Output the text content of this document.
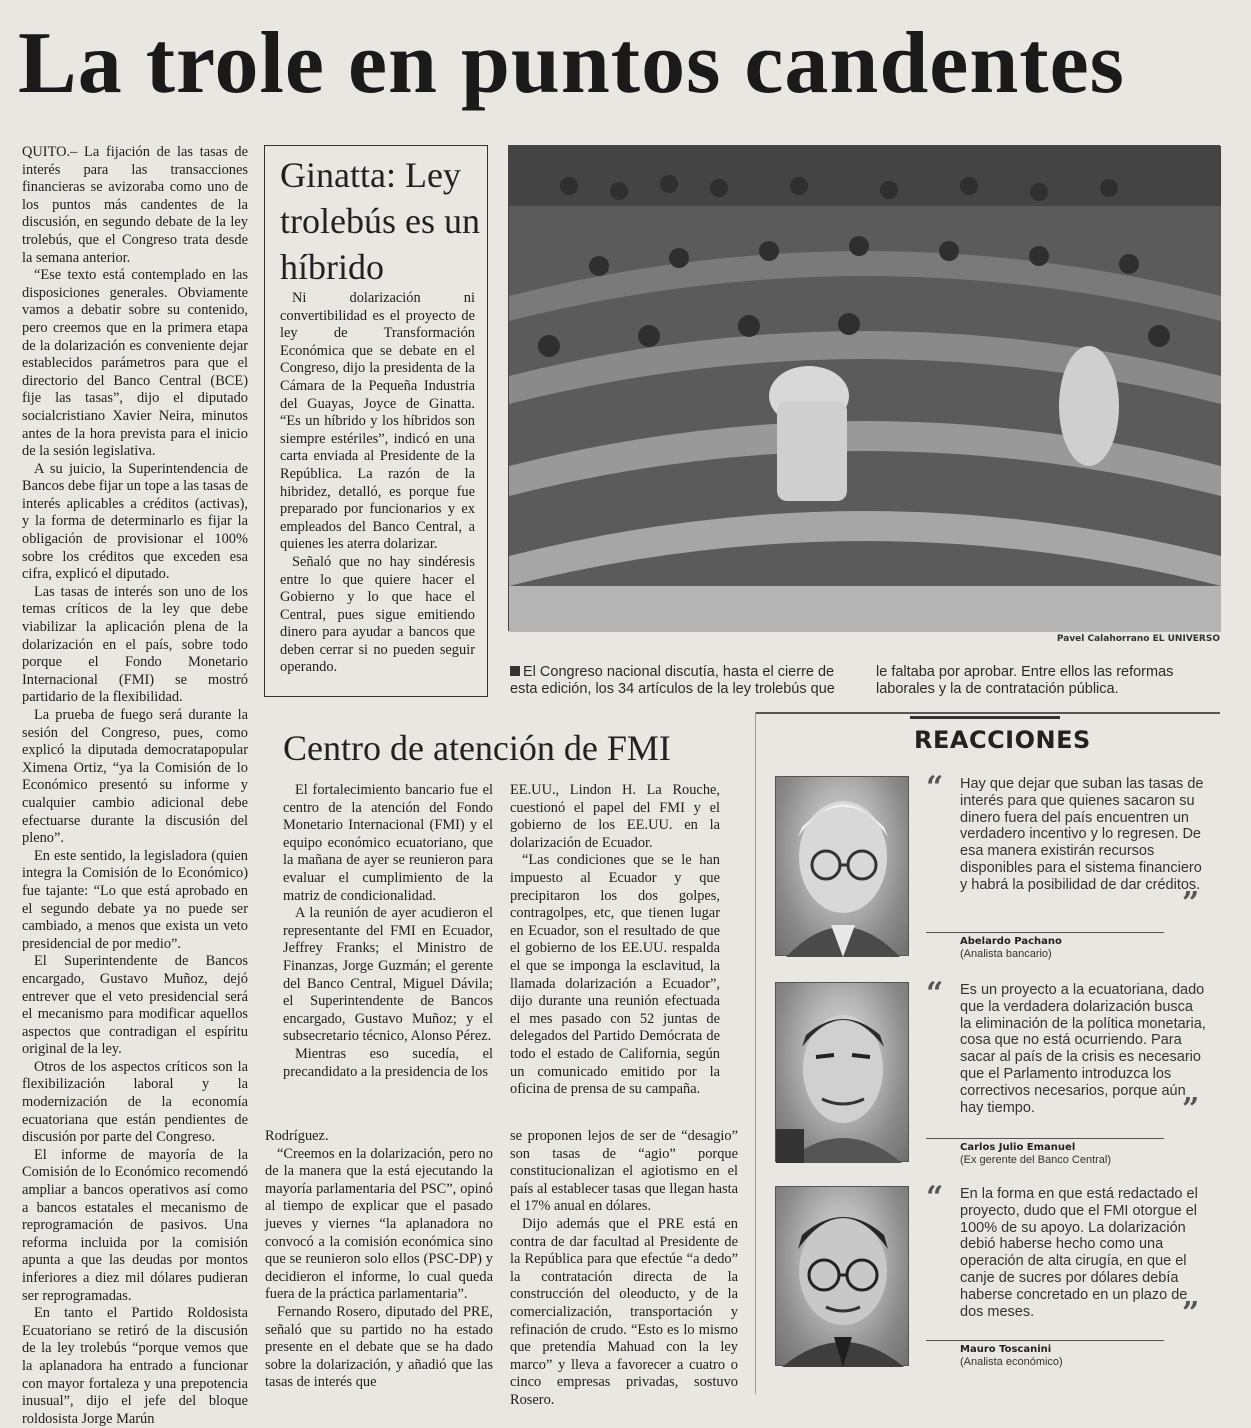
La trole en puntos candentes

QUITO.– La fijación de las tasas de interés para las transacciones financieras se avizoraba como uno de los puntos más candentes de la discusión, en segundo debate de la ley trolebús, que el Congreso trata desde la semana anterior.

“Ese texto está contemplado en las disposiciones generales. Obviamente vamos a debatir sobre su contenido, pero creemos que en la primera etapa de la dolarización es conveniente dejar establecidos parámetros para que el directorio del Banco Central (BCE) fije las tasas”, dijo el diputado socialcristiano Xavier Neira, minutos antes de la hora prevista para el inicio de la sesión legislativa.

A su juicio, la Superintendencia de Bancos debe fijar un tope a las tasas de interés aplicables a créditos (activas), y la forma de determinarlo es fijar la obligación de provisionar el 100% sobre los créditos que exceden esa cifra, explicó el diputado.

Las tasas de interés son uno de los temas críticos de la ley que debe viabilizar la aplicación plena de la dolarización en el país, sobre todo porque el Fondo Monetario Internacional (FMI) se mostró partidario de la flexibilidad.

La prueba de fuego será durante la sesión del Congreso, pues, como explicó la diputada democratapopular Ximena Ortiz, “ya la Comisión de lo Económico presentó su informe y cualquier cambio adicional debe efectuarse durante la discusión del pleno”.

En este sentido, la legisladora (quien integra la Comisión de lo Económico) fue tajante: “Lo que está aprobado en el segundo debate ya no puede ser cambiado, a menos que exista un veto presidencial de por medio”.

El Superintendente de Bancos encargado, Gustavo Muñoz, dejó entrever que el veto presidencial será el mecanismo para modificar aquellos aspectos que contradigan el espíritu original de la ley.

Otros de los aspectos críticos son la flexibilización laboral y la modernización de la economía ecuatoriana que están pendientes de discusión por parte del Congreso.

El informe de mayoría de la Comisión de lo Económico recomendó ampliar a bancos operativos así como a bancos estatales el mecanismo de reprogramación de pasivos. Una reforma incluida por la comisión apunta a que las deudas por montos inferiores a diez mil dólares pudieran ser reprogramadas.

En tanto el Partido Roldosista Ecuatoriano se retiró de la discusión de la ley trolebús “porque vemos que la aplanadora ha entrado a funcionar con mayor fortaleza y una prepotencia inusual”, dijo el jefe del bloque roldosista Jorge Marún

Ginatta: Ley trolebús es un híbrido

Ni dolarización ni convertibilidad es el proyecto de ley de Transformación Económica que se debate en el Congreso, dijo la presidenta de la Cámara de la Pequeña Industria del Guayas, Joyce de Ginatta. “Es un híbrido y los híbridos son siempre estériles”, indicó en una carta enviada al Presidente de la República. La razón de la hibridez, detalló, es porque fue preparado por funcionarios y ex empleados del Banco Central, a quienes les aterra dolarizar.

Señaló que no hay sindéresis entre lo que quiere hacer el Gobierno y lo que hace el Central, pues sigue emitiendo dinero para ayudar a bancos que deben cerrar si no pueden seguir operando.

Pavel Calahorrano EL UNIVERSO
El Congreso nacional discutía, hasta el cierre de esta edición, los 34 artículos de la ley trolebús que
le faltaba por aprobar. Entre ellos las reformas laborales y la de contratación pública.
Centro de atención de FMI

El fortalecimiento bancario fue el centro de la atención del Fondo Monetario Internacional (FMI) y el equipo económico ecuatoriano, que la mañana de ayer se reunieron para evaluar el cumplimiento de la matriz de condicionalidad.

A la reunión de ayer acudieron el representante del FMI en Ecuador, Jeffrey Franks; el Ministro de Finanzas, Jorge Guzmán; el gerente del Banco Central, Miguel Dávila; el Superintendente de Bancos encargado, Gustavo Muñoz; y el subsecretario técnico, Alonso Pérez.

Mientras eso sucedía, el precandidato a la presidencia de los

EE.UU., Lindon H. La Rouche, cuestionó el papel del FMI y el gobierno de los EE.UU. en la dolarización de Ecuador.

“Las condiciones que se le han impuesto al Ecuador y que precipitaron los dos golpes, contragolpes, etc, que tienen lugar en Ecuador, son el resultado de que el gobierno de los EE.UU. respalda el que se imponga la esclavitud, la llamada dolarización a Ecuador”, dijo durante una reunión efectuada el mes pasado con 52 juntas de delegados del Partido Demócrata de todo el estado de California, según un comunicado emitido por la oficina de prensa de su campaña.

Rodríguez.

“Creemos en la dolarización, pero no de la manera que la está ejecutando la mayoría parlamentaria del PSC”, opinó al tiempo de explicar que el pasado jueves y viernes “la aplanadora no convocó a la comisión económica sino que se reunieron solo ellos (PSC-DP) y decidieron el informe, lo cual queda fuera de la práctica parlamentaria”.

Fernando Rosero, diputado del PRE, señaló que su partido no ha estado presente en el debate que se ha dado sobre la dolarización, y añadió que las tasas de interés que

se proponen lejos de ser de “desagio” son tasas de “agio” porque constitucionalizan el agiotismo en el país al establecer tasas que llegan hasta el 17% anual en dólares.

Dijo además que el PRE está en contra de dar facultad al Presidente de la República para que efectúe “a dedo” la contratación directa de la construcción del oleoducto, y de la comercialización, transportación y refinación de crudo. “Esto es lo mismo que pretendía Mahuad con la ley marco” y lleva a favorecer a cuatro o cinco empresas privadas, sostuvo Rosero.

REACCIONES
“ Hay que dejar que suban las tasas de interés para que quienes sacaron su dinero fuera del país encuentren un verdadero incentivo y lo regresen. De esa manera existirán recursos disponibles para el sistema financiero y habrá la posibilidad de dar créditos.
”
Abelardo Pachano
(Analista bancario)
“ Es un proyecto a la ecuatoriana, dado que la verdadera dolarización busca la eliminación de la política monetaria, cosa que no está ocurriendo. Para sacar al país de la crisis es necesario que el Parlamento introduzca los correctivos necesarios, porque aún hay tiempo.	”
Carlos Julio Emanuel
(Ex gerente del Banco Central)
“ En la forma en que está redactado el proyecto, dudo que el FMI otorgue el 100% de su apoyo. La dolarización debió haberse hecho como una operación de alta cirugía, en que el canje de sucres por dólares debía haberse concretado en un plazo de dos meses.	”
Mauro Toscanini
(Analista económico)
